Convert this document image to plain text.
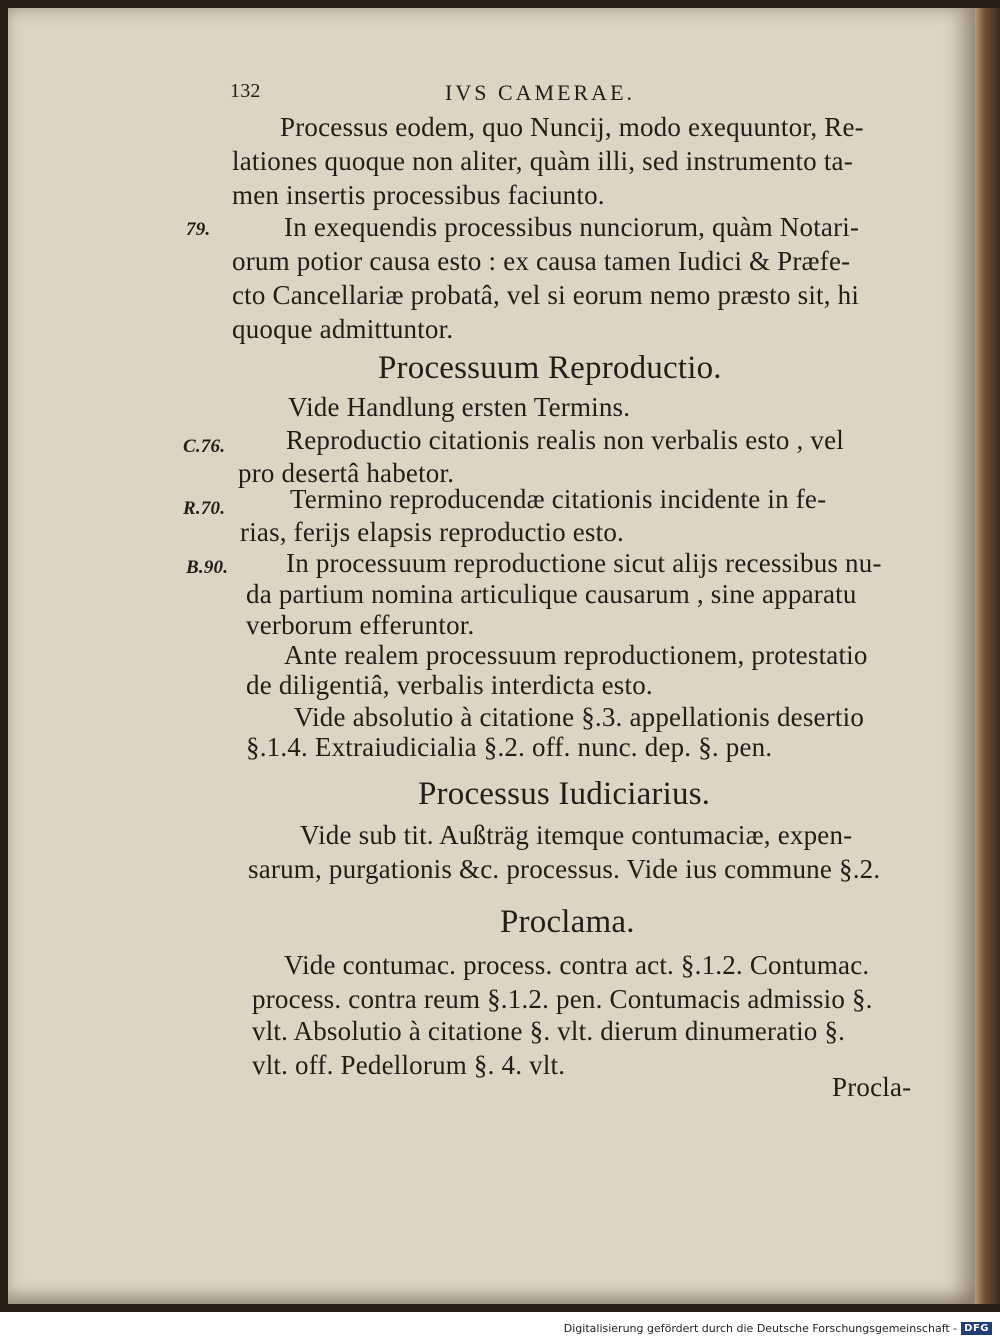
132	IVS CAMERAE.
Processus eodem, quo Nuncij, modo exequuntor, Re-
lationes quoque non aliter, quàm illi, sed instrumento ta-
men insertis processibus faciunto.
79.	In exequendis processibus nunciorum, quàm Notari-
orum potior causa esto : ex causa tamen Iudici & Præfe-
cto Cancellariæ probatâ, vel si eorum nemo præsto sit, hi
quoque admittuntor.
Processuum Reproductio.
Vide Handlung ersten Termins.
C.76. Reproductio citationis realis non verbalis esto , vel
pro desertâ habetor.
R.70. Termino reproducendæ citationis incidente in fe-
rias, ferijs elapsis reproductio esto.
B.90. In processuum reproductione sicut alijs recessibus nu-
da partium nomina articulique causarum , sine apparatu
verborum efferuntor.
Ante realem processuum reproductionem, protestatio
de diligentiâ, verbalis interdicta esto.
Vide absolutio à citatione §.3. appellationis desertio
§.1.4. Extraiudicialia §.2. off. nunc. dep. §. pen.
Processus Iudiciarius.
Vide sub tit. Außträg itemque contumaciæ, expen-
sarum, purgationis &c. processus. Vide ius commune §.2.
Proclama.
Vide contumac. process. contra act. §.1.2. Contumac.
process. contra reum §.1.2. pen. Contumacis admissio §.
vlt. Absolutio à citatione §. vlt. dierum dinumeratio §.
vlt. off. Pedellorum §. 4. vlt.
Procla-
Digitalisierung gefördert durch die Deutsche Forschungsgemeinschaft - DFG
